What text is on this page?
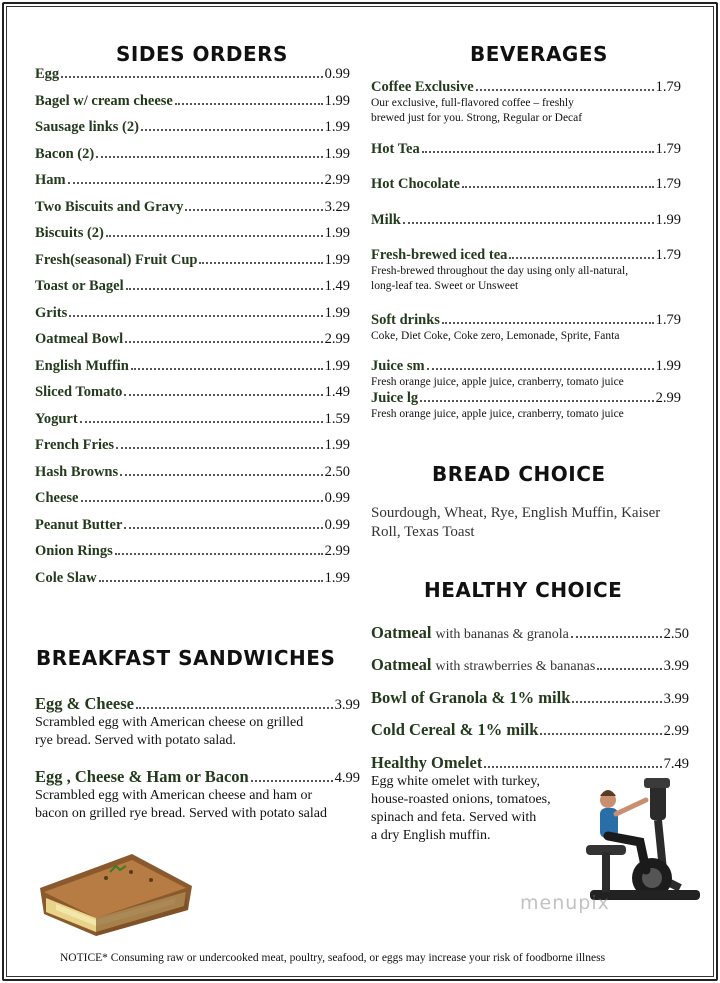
SIDES ORDERS
Egg	0.99
Bagel w/ cream cheese	1.99
Sausage links (2)	1.99
Bacon (2)	1.99
Ham	2.99
Two Biscuits and Gravy	3.29
Biscuits (2)	1.99
Fresh(seasonal) Fruit Cup	1.99
Toast or Bagel	1.49
Grits	1.99
Oatmeal Bowl	2.99
English Muffin	1.99
Sliced Tomato	1.49
Yogurt	1.59
French Fries	1.99
Hash Browns	2.50
Cheese	0.99
Peanut Butter	0.99
Onion Rings	2.99
Cole Slaw	1.99
BREAKFAST SANDWICHES
Egg & Cheese	3.99
Scrambled egg with American cheese on grilled
rye bread. Served with potato salad.
Egg , Cheese & Ham or Bacon	4.99
Scrambled egg with American cheese and ham or
bacon on grilled rye bread. Served with potato salad
BEVERAGES
Coffee Exclusive	1.79
Our exclusive, full-flavored coffee – freshly
brewed just for you. Strong, Regular or Decaf
Hot Tea	1.79
Hot Chocolate	1.79
Milk	1.99
Fresh-brewed iced tea	1.79
Fresh-brewed throughout the day using only all-natural,
long-leaf tea. Sweet or Unsweet
Soft drinks	1.79
Coke, Diet Coke, Coke zero, Lemonade, Sprite, Fanta
Juice sm	1.99
Fresh orange juice, apple juice, cranberry, tomato juice
Juice lg	2.99
Fresh orange juice, apple juice, cranberry, tomato juice
BREAD CHOICE
Sourdough, Wheat, Rye, English Muffin, Kaiser Roll, Texas Toast
HEALTHY CHOICE
Oatmeal with bananas & granola	2.50
Oatmeal with strawberries & bananas	3.99
Bowl of Granola & 1% milk	3.99
Cold Cereal & 1% milk	2.99
Healthy Omelet	7.49
Egg white omelet with turkey,
house-roasted onions, tomatoes,
spinach and feta. Served with
a dry English muffin.
menupix
NOTICE* Consuming raw or undercooked meat, poultry, seafood, or eggs may increase your risk of foodborne illness
